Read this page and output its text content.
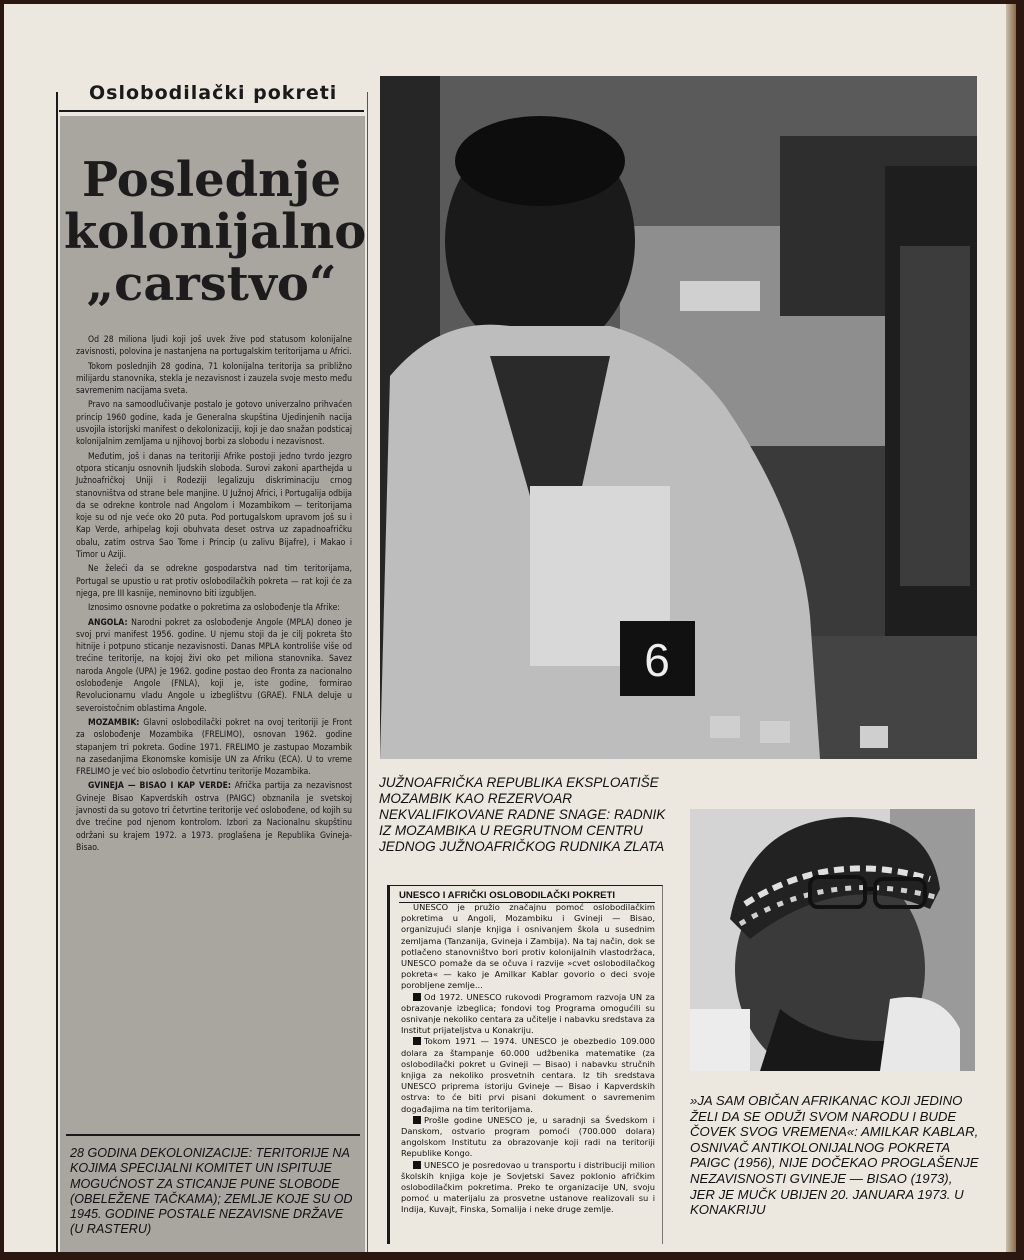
Oslobodilački pokreti
Poslednje
kolonijalno
„carstvo“

Od 28 miliona ljudi koji još uvek žive pod statusom kolonijalne zavisnosti, polovina je nastanjena na portugalskim teritorijama u Africi.

Tokom poslednjih 28 godina, 71 kolonijalna teritorija sa približno milijardu stanovnika, stekla je nezavisnost i zauzela svoje mesto među savremenim nacijama sveta.

Pravo na samoodlučivanje postalo je gotovo univerzalno prihvaćen princip 1960 godine, kada je Generalna skupština Ujedinjenih nacija usvojila istorijski manifest o dekolonizaciji, koji je dao snažan podsticaj kolonijalnim zemljama u njihovoj borbi za slobodu i nezavisnost.

Međutim, još i danas na teritoriji Afrike postoji jedno tvrdo jezgro otpora sticanju osnovnih ljudskih sloboda. Surovi zakoni aparthejda u Južnoafričkoj Uniji i Rodeziji legalizuju diskriminaciju crnog stanovništva od strane bele manjine. U Južnoj Africi, i Portugalija odbija da se odrekne kontrole nad Angolom i Mozambikom — teritorijama koje su od nje veće oko 20 puta. Pod portugalskom upravom još su i Kap Verde, arhipelag koji obuhvata deset ostrva uz zapadnoafričku obalu, zatim ostrva Sao Tome i Princip (u zalivu Bijafre), i Makao i Timor u Aziji.

Ne želeći da se odrekne gospodarstva nad tim teritorijama, Portugal se upustio u rat protiv oslobodilačkih pokreta — rat koji će za njega, pre III kasnije, neminovno biti izgubljen.

Iznosimo osnovne podatke o pokretima za oslobođenje tla Afrike:

ANGOLA: Narodni pokret za oslobođenje Angole (MPLA) doneo je svoj prvi manifest 1956. godine. U njemu stoji da je cilj pokreta što hitnije i potpuno sticanje nezavisnosti. Danas MPLA kontroliše više od trećine teritorije, na kojoj živi oko pet miliona stanovnika. Savez naroda Angole (UPA) je 1962. godine postao deo Fronta za nacionalno oslobođenje Angole (FNLA), koji je, iste godine, formirao Revolucionarnu vladu Angole u izbeglištvu (GRAE). FNLA deluje u severoistočnim oblastima Angole.

MOZAMBIK: Glavni oslobodilački pokret na ovoj teritoriji je Front za oslobođenje Mozambika (FRELIMO), osnovan 1962. godine stapanjem tri pokreta. Godine 1971. FRELIMO je zastupao Mozambik na zasedanjima Ekonomske komisije UN za Afriku (ECA). U to vreme FRELIMO je već bio oslobodio četvrtinu teritorije Mozambika.

GVINEJA — BISAO I KAP VERDE: Afrička partija za nezavisnost Gvineje Bisao Kapverdskih ostrva (PAIGC) obznanila je svetskoj javnosti da su gotovo tri četvrtine teritorije već oslobođene, od kojih su dve trećine pod njenom kontrolom. Izbori za Nacionalnu skupštinu održani su krajem 1972. a 1973. proglašena je Republika Gvineja-Bisao.

28 GODINA DEKOLONIZACIJE: TERITORIJE NA KOJIMA SPECIJALNI KOMITET UN ISPITUJE MOGUĆNOST ZA STICANJE PUNE SLOBODE (OBELEŽENE TAČKAMA); ZEMLJE KOJE SU OD 1945. GODINE POSTALE NEZAVISNE DRŽAVE (U RASTERU)

6

JUŽNOAFRIČKA REPUBLIKA EKSPLOATIŠE MOZAMBIK KAO REZERVOAR NEKVALIFIKOVANE RADNE SNAGE: RADNIK IZ MOZAMBIKA U REGRUTNOM CENTRU JEDNOG JUŽNOAFRIČKOG RUDNIKA ZLATA

UNESCO I AFRIČKI OSLOBODILAČKI POKRETI

UNESCO je pružio značajnu pomoć oslobodilačkim pokretima u Angoli, Mozambiku i Gvineji — Bisao, organizujući slanje knjiga i osnivanjem škola u susednim zemljama (Tanzanija, Gvineja i Zambija). Na taj način, dok se potlačeno stanovništvo bori protiv kolonijalnih vlastodržaca, UNESCO pomaže da se očuva i razvije »cvet oslobodilačkog pokreta« — kako je Amilkar Kablar govorio o deci svoje porobljene zemlje...

Od 1972. UNESCO rukovodi Programom razvoja UN za obrazovanje izbeglica; fondovi tog Programa omogućili su osnivanje nekoliko centara za učitelje i nabavku sredstava za Institut prijateljstva u Konakriju.

Tokom 1971 — 1974. UNESCO je obezbedio 109.000 dolara za štampanje 60.000 udžbenika matematike (za oslobodilački pokret u Gvineji — Bisao) i nabavku stručnih knjiga za nekoliko prosvetnih centara. Iz tih sredstava UNESCO priprema istoriju Gvineje — Bisao i Kapverdskih ostrva: to će biti prvi pisani dokument o savremenim događajima na tim teritorijama.

Prošle godine UNESCO je, u saradnji sa Švedskom i Danskom, ostvario program pomoći (700.000 dolara) angolskom Institutu za obrazovanje koji radi na teritoriji Republike Kongo.

UNESCO je posredovao u transportu i distribuciji milion školskih knjiga koje je Sovjetski Savez poklonio afričkim oslobodilačkim pokretima. Preko te organizacije UN, svoju pomoć u materijalu za prosvetne ustanove realizovali su i Indija, Kuvajt, Finska, Somalija i neke druge zemlje.

»JA SAM OBIČAN AFRIKANAC KOJI JEDINO ŽELI DA SE ODUŽI SVOM NARODU I BUDE ČOVEK SVOG VREMENA«: AMILKAR KABLAR, OSNIVAČ ANTIKOLONIJALNOG POKRETA PAIGC (1956), NIJE DOČEKAO PROGLAŠENJE NEZAVISNOSTI GVINEJE — BISAO (1973), JER JE MUČK UBIJEN 20. JANUARA 1973. U KONAKRIJU
